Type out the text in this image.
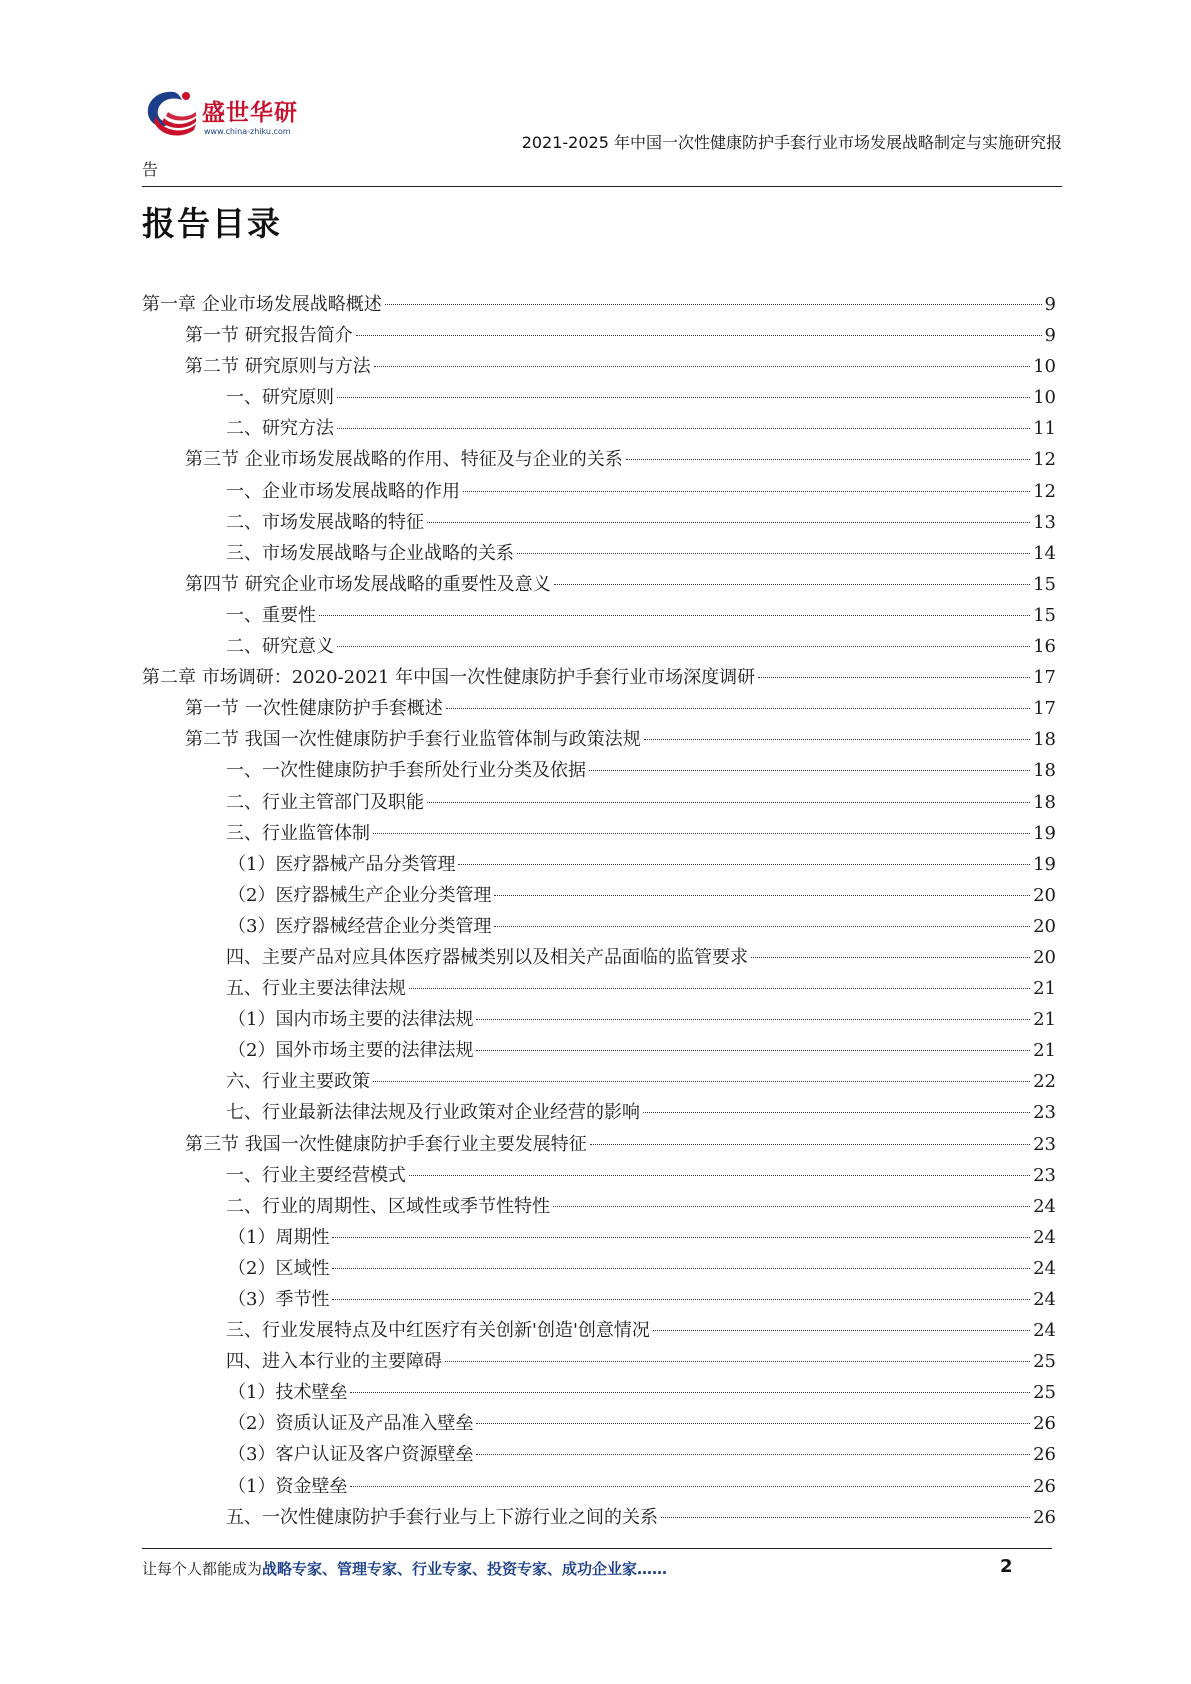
盛世华研
www.china-zhiku.com
2021-2025 年中国一次性健康防护手套行业市场发展战略制定与实施研究报
告
报告目录
第一章 企业市场发展战略概述	9
第一节 研究报告简介	9
第二节 研究原则与方法	10
一、研究原则	10
二、研究方法	11
第三节 企业市场发展战略的作用、特征及与企业的关系	12
一、企业市场发展战略的作用	12
二、市场发展战略的特征	13
三、市场发展战略与企业战略的关系	14
第四节 研究企业市场发展战略的重要性及意义	15
一、重要性	15
二、研究意义	16
第二章 市场调研：2020-2021 年中国一次性健康防护手套行业市场深度调研	17
第一节 一次性健康防护手套概述	17
第二节 我国一次性健康防护手套行业监管体制与政策法规	18
一、一次性健康防护手套所处行业分类及依据	18
二、行业主管部门及职能	18
三、行业监管体制	19
（1）医疗器械产品分类管理	19
（2）医疗器械生产企业分类管理	20
（3）医疗器械经营企业分类管理	20
四、主要产品对应具体医疗器械类别以及相关产品面临的监管要求	20
五、行业主要法律法规	21
（1）国内市场主要的法律法规	21
（2）国外市场主要的法律法规	21
六、行业主要政策	22
七、行业最新法律法规及行业政策对企业经营的影响	23
第三节 我国一次性健康防护手套行业主要发展特征	23
一、行业主要经营模式	23
二、行业的周期性、区域性或季节性特性	24
（1）周期性	24
（2）区域性	24
（3）季节性	24
三、行业发展特点及中红医疗有关创新'创造'创意情况	24
四、进入本行业的主要障碍	25
（1）技术壁垒	25
（2）资质认证及产品准入壁垒	26
（3）客户认证及客户资源壁垒	26
（1）资金壁垒	26
五、一次性健康防护手套行业与上下游行业之间的关系	26
让每个人都能成为战略专家、管理专家、行业专家、投资专家、成功企业家……	2
